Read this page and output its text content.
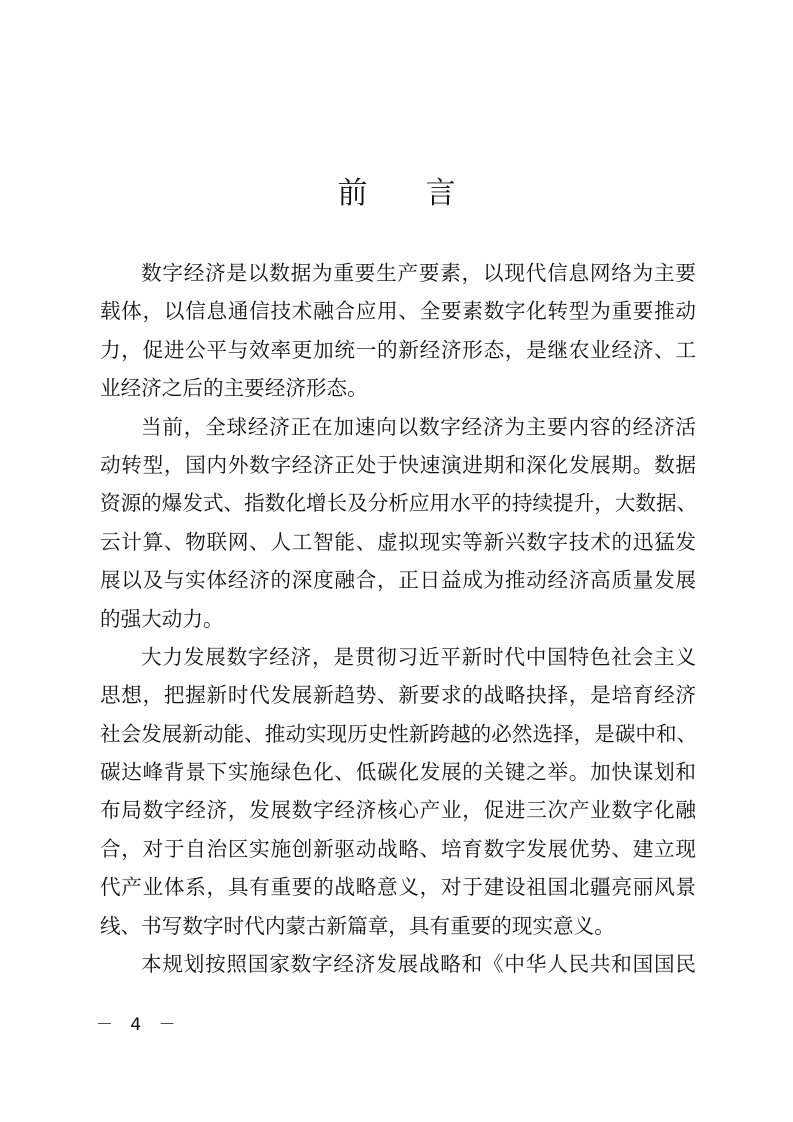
前言
数字经济是以数据为重要生产要素，以现代信息网络为主要
载体，以信息通信技术融合应用、全要素数字化转型为重要推动
力，促进公平与效率更加统一的新经济形态，是继农业经济、工
业经济之后的主要经济形态。
当前，全球经济正在加速向以数字经济为主要内容的经济活
动转型，国内外数字经济正处于快速演进期和深化发展期。数据
资源的爆发式、指数化增长及分析应用水平的持续提升，大数据、
云计算、物联网、人工智能、虚拟现实等新兴数字技术的迅猛发
展以及与实体经济的深度融合，正日益成为推动经济高质量发展
的强大动力。
大力发展数字经济，是贯彻习近平新时代中国特色社会主义
思想，把握新时代发展新趋势、新要求的战略抉择，是培育经济
社会发展新动能、推动实现历史性新跨越的必然选择，是碳中和、
碳达峰背景下实施绿色化、低碳化发展的关键之举。加快谋划和
布局数字经济，发展数字经济核心产业，促进三次产业数字化融
合，对于自治区实施创新驱动战略、培育数字发展优势、建立现
代产业体系，具有重要的战略意义，对于建设祖国北疆亮丽风景
线、书写数字时代内蒙古新篇章，具有重要的现实意义。
本规划按照国家数字经济发展战略和《中华人民共和国国民
－ 4 －
